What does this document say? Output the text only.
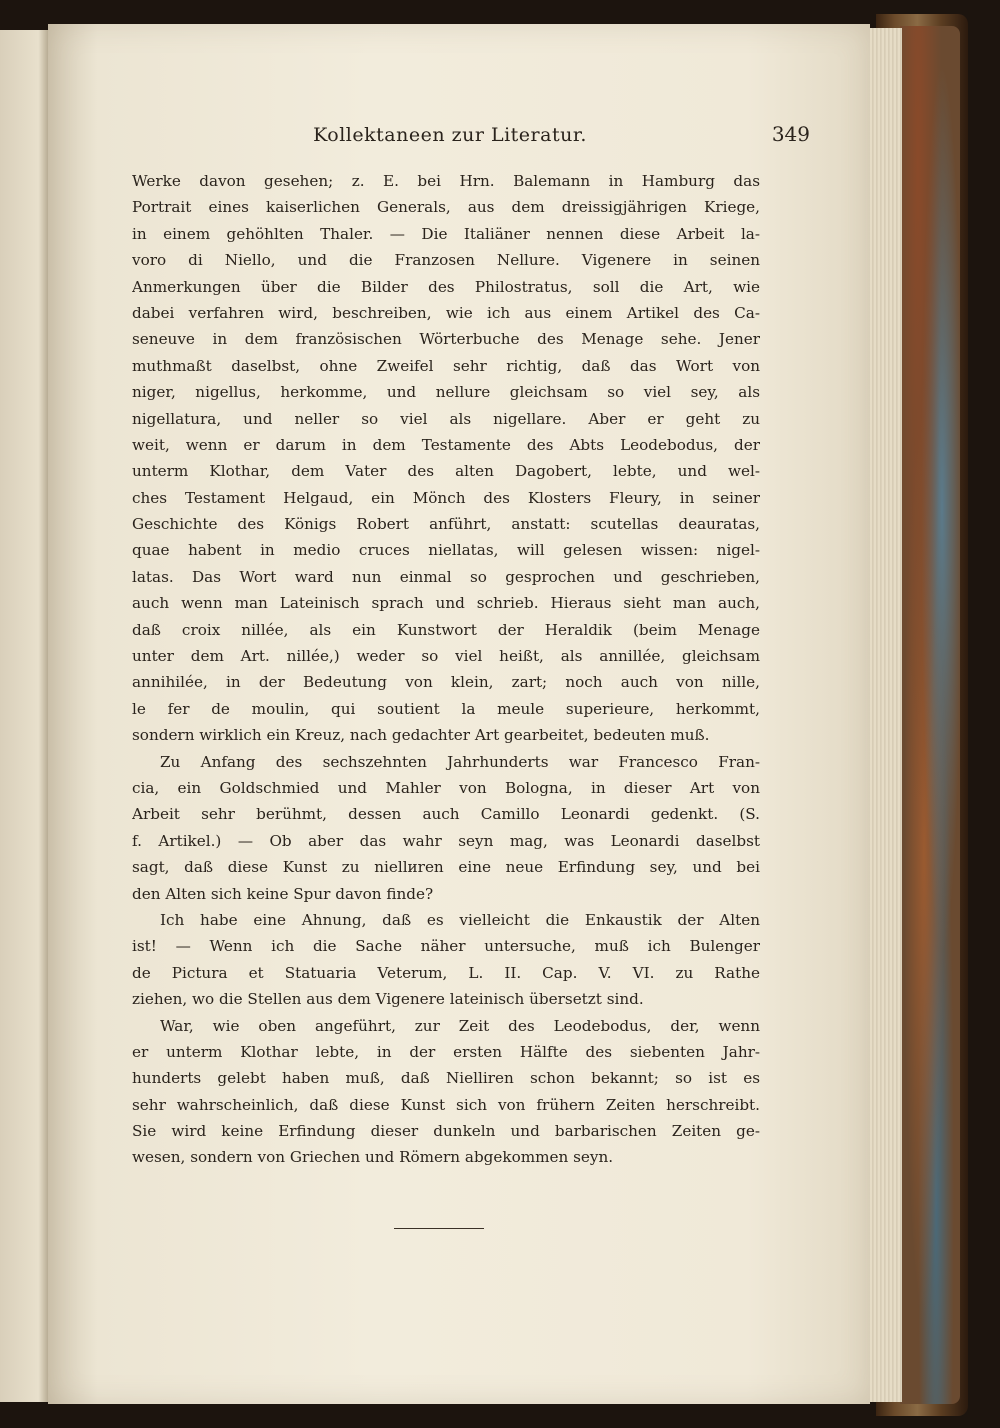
Kollektaneen zur Literatur.	349
Werke davon gesehen; z. E. bei Hrn. Balemann in Hamburg das
Portrait eines kaiserlichen Generals, aus dem dreissigjährigen Kriege,
in einem gehöhlten Thaler. — Die Italiäner nennen diese Arbeit la-
voro di Niello, und die Franzosen Nellure. Vigenere in seinen
Anmerkungen über die Bilder des Philostratus, soll die Art, wie
dabei verfahren wird, beschreiben, wie ich aus einem Artikel des Ca-
seneuve in dem französischen Wörterbuche des Menage sehe. Jener
muthmaßt daselbst, ohne Zweifel sehr richtig, daß das Wort von
niger, nigellus, herkomme, und nellure gleichsam so viel sey, als
nigellatura, und neller so viel als nigellare. Aber er geht zu
weit, wenn er darum in dem Testamente des Abts Leodebodus, der
unterm Klothar, dem Vater des alten Dagobert, lebte, und wel-
ches Testament Helgaud, ein Mönch des Klosters Fleury, in seiner
Geschichte des Königs Robert anführt, anstatt: scutellas deauratas,
quae habent in medio cruces niellatas, will gelesen wissen: nigel-
latas. Das Wort ward nun einmal so gesprochen und geschrieben,
auch wenn man Lateinisch sprach und schrieb. Hieraus sieht man auch,
daß croix nillée, als ein Kunstwort der Heraldik (beim Menage
unter dem Art. nillée,) weder so viel heißt, als annillée, gleichsam
annihilée, in der Bedeutung von klein, zart; noch auch von nille,
le fer de moulin, qui soutient la meule superieure, herkommt,
sondern wirklich ein Kreuz, nach gedachter Art gearbeitet, bedeuten muß.
Zu Anfang des sechszehnten Jahrhunderts war Francesco Fran-
cia, ein Goldschmied und Mahler von Bologna, in dieser Art von
Arbeit sehr berühmt, dessen auch Camillo Leonardi gedenkt. (S.
f. Artikel.) — Ob aber das wahr seyn mag, was Leonardi daselbst
sagt, daß diese Kunst zu niellиren eine neue Erfindung sey, und bei
den Alten sich keine Spur davon finde?
Ich habe eine Ahnung, daß es vielleicht die Enkaustik der Alten
ist! — Wenn ich die Sache näher untersuche, muß ich Bulenger
de Pictura et Statuaria Veterum, L. II. Cap. V. VI. zu Rathe
ziehen, wo die Stellen aus dem Vigenere lateinisch übersetzt sind.
War, wie oben angeführt, zur Zeit des Leodebodus, der, wenn
er unterm Klothar lebte, in der ersten Hälfte des siebenten Jahr-
hunderts gelebt haben muß, daß Nielliren schon bekannt; so ist es
sehr wahrscheinlich, daß diese Kunst sich von frühern Zeiten herschreibt.
Sie wird keine Erfindung dieser dunkeln und barbarischen Zeiten ge-
wesen, sondern von Griechen und Römern abgekommen seyn.
